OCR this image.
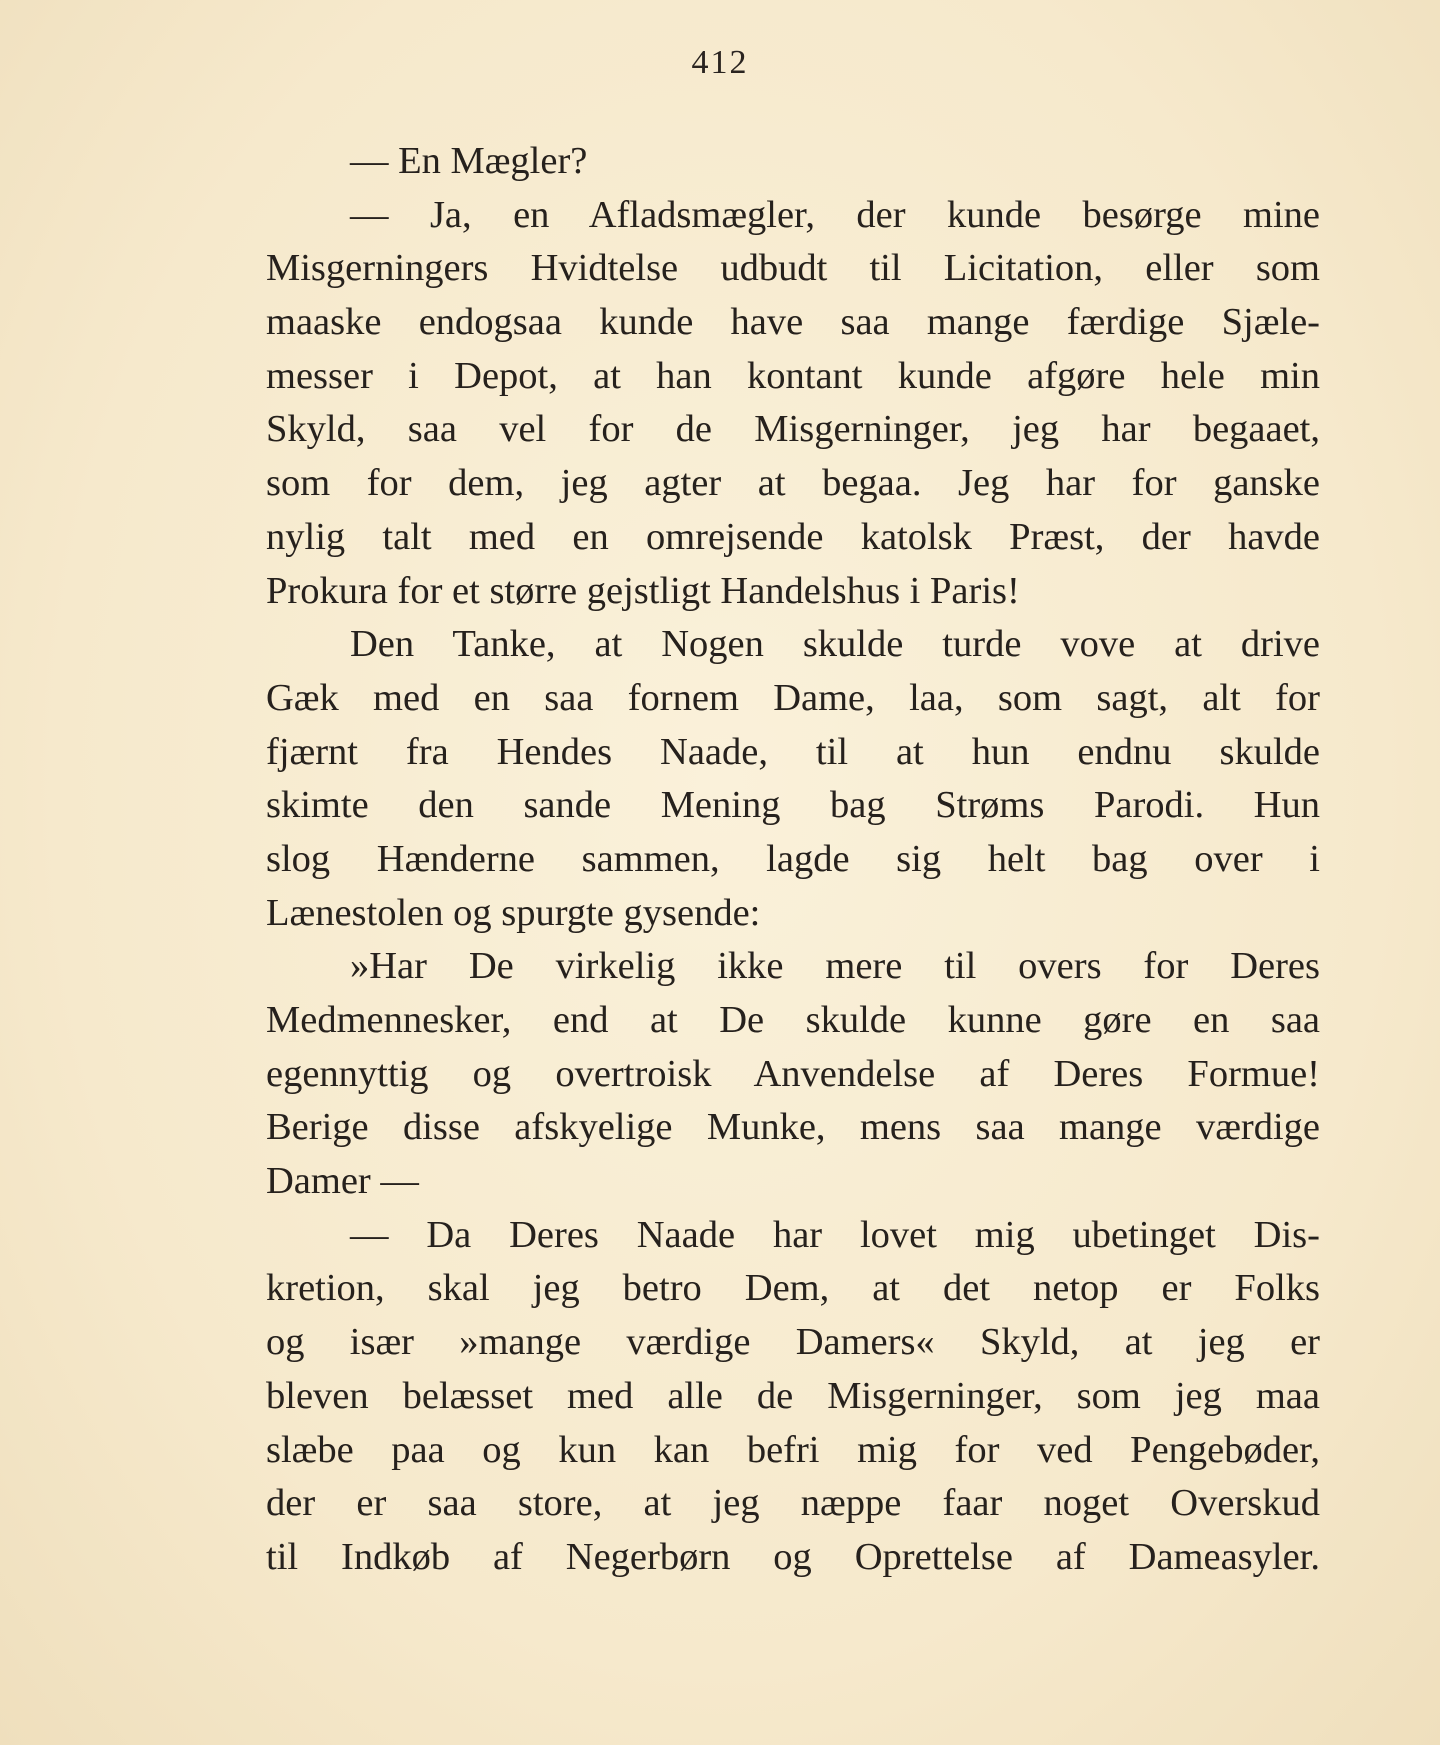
412
— En Mægler?
— Ja, en Afladsmægler, der kunde besørge mine
Misgerningers Hvidtelse udbudt til Licitation, eller som
maaske endogsaa kunde have saa mange færdige Sjæle-
messer i Depot, at han kontant kunde afgøre hele min
Skyld, saa vel for de Misgerninger, jeg har begaaet,
som for dem, jeg agter at begaa. Jeg har for ganske
nylig talt med en omrejsende katolsk Præst, der havde
Prokura for et større gejstligt Handelshus i Paris!
Den Tanke, at Nogen skulde turde vove at drive
Gæk med en saa fornem Dame, laa, som sagt, alt for
fjærnt fra Hendes Naade, til at hun endnu skulde
skimte den sande Mening bag Strøms Parodi. Hun
slog Hænderne sammen, lagde sig helt bag over i
Lænestolen og spurgte gysende:
»Har De virkelig ikke mere til overs for Deres
Medmennesker, end at De skulde kunne gøre en saa
egennyttig og overtroisk Anvendelse af Deres Formue!
Berige disse afskyelige Munke, mens saa mange værdige
Damer —
— Da Deres Naade har lovet mig ubetinget Dis-
kretion, skal jeg betro Dem, at det netop er Folks
og især »mange værdige Damers« Skyld, at jeg er
bleven belæsset med alle de Misgerninger, som jeg maa
slæbe paa og kun kan befri mig for ved Pengebøder,
der er saa store, at jeg næppe faar noget Overskud
til Indkøb af Negerbørn og Oprettelse af Dameasyler.
